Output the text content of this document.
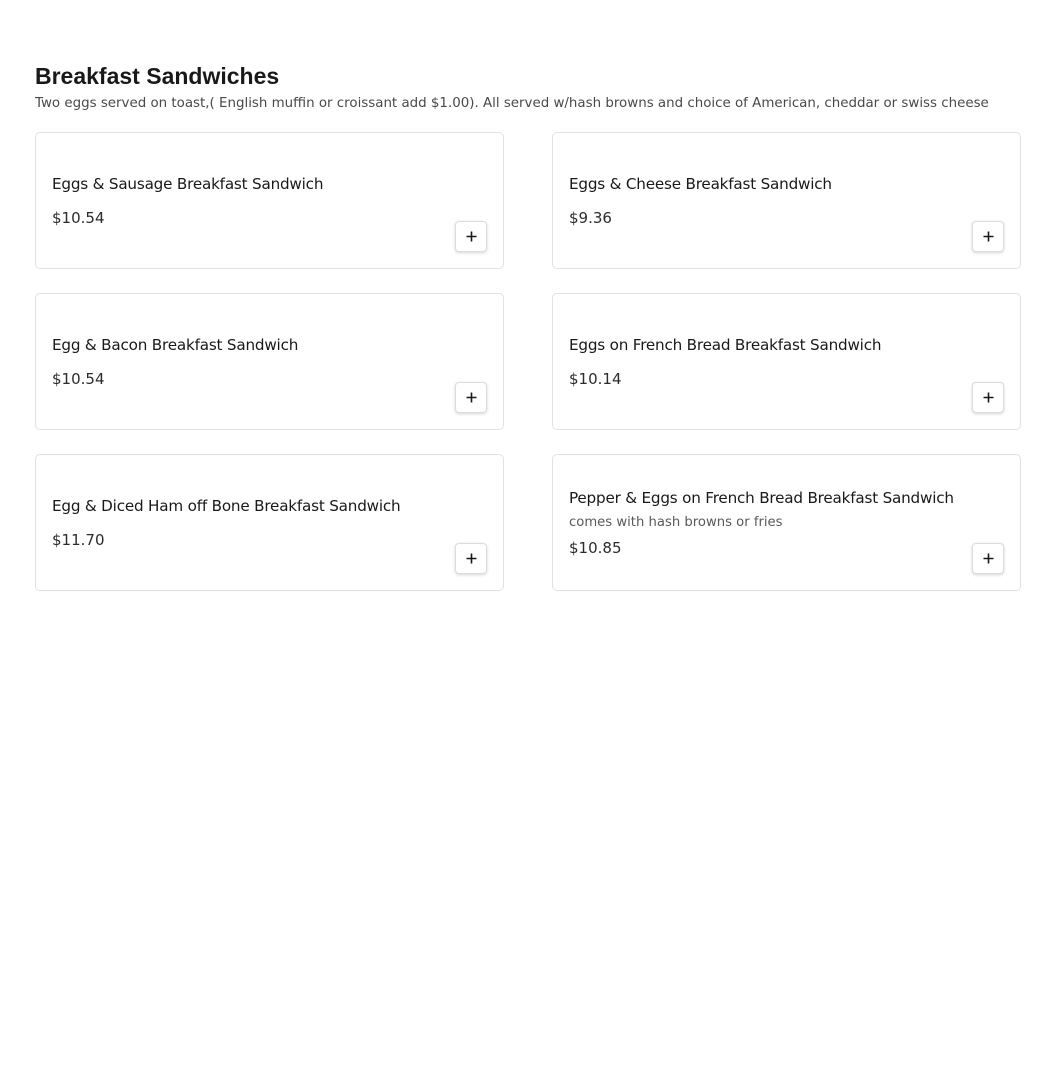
Breakfast Sandwiches

Two eggs served on toast,( English muffin or croissant add $1.00). All served w/hash browns and choice of American, cheddar or swiss cheese

Eggs & Sausage Breakfast Sandwich

$10.54

Eggs & Cheese Breakfast Sandwich

$9.36

Egg & Bacon Breakfast Sandwich

$10.54

Eggs on French Bread Breakfast Sandwich

$10.14

Egg & Diced Ham off Bone Breakfast Sandwich

$11.70

Pepper & Eggs on French Bread Breakfast Sandwich

comes with hash browns or fries

$10.85
